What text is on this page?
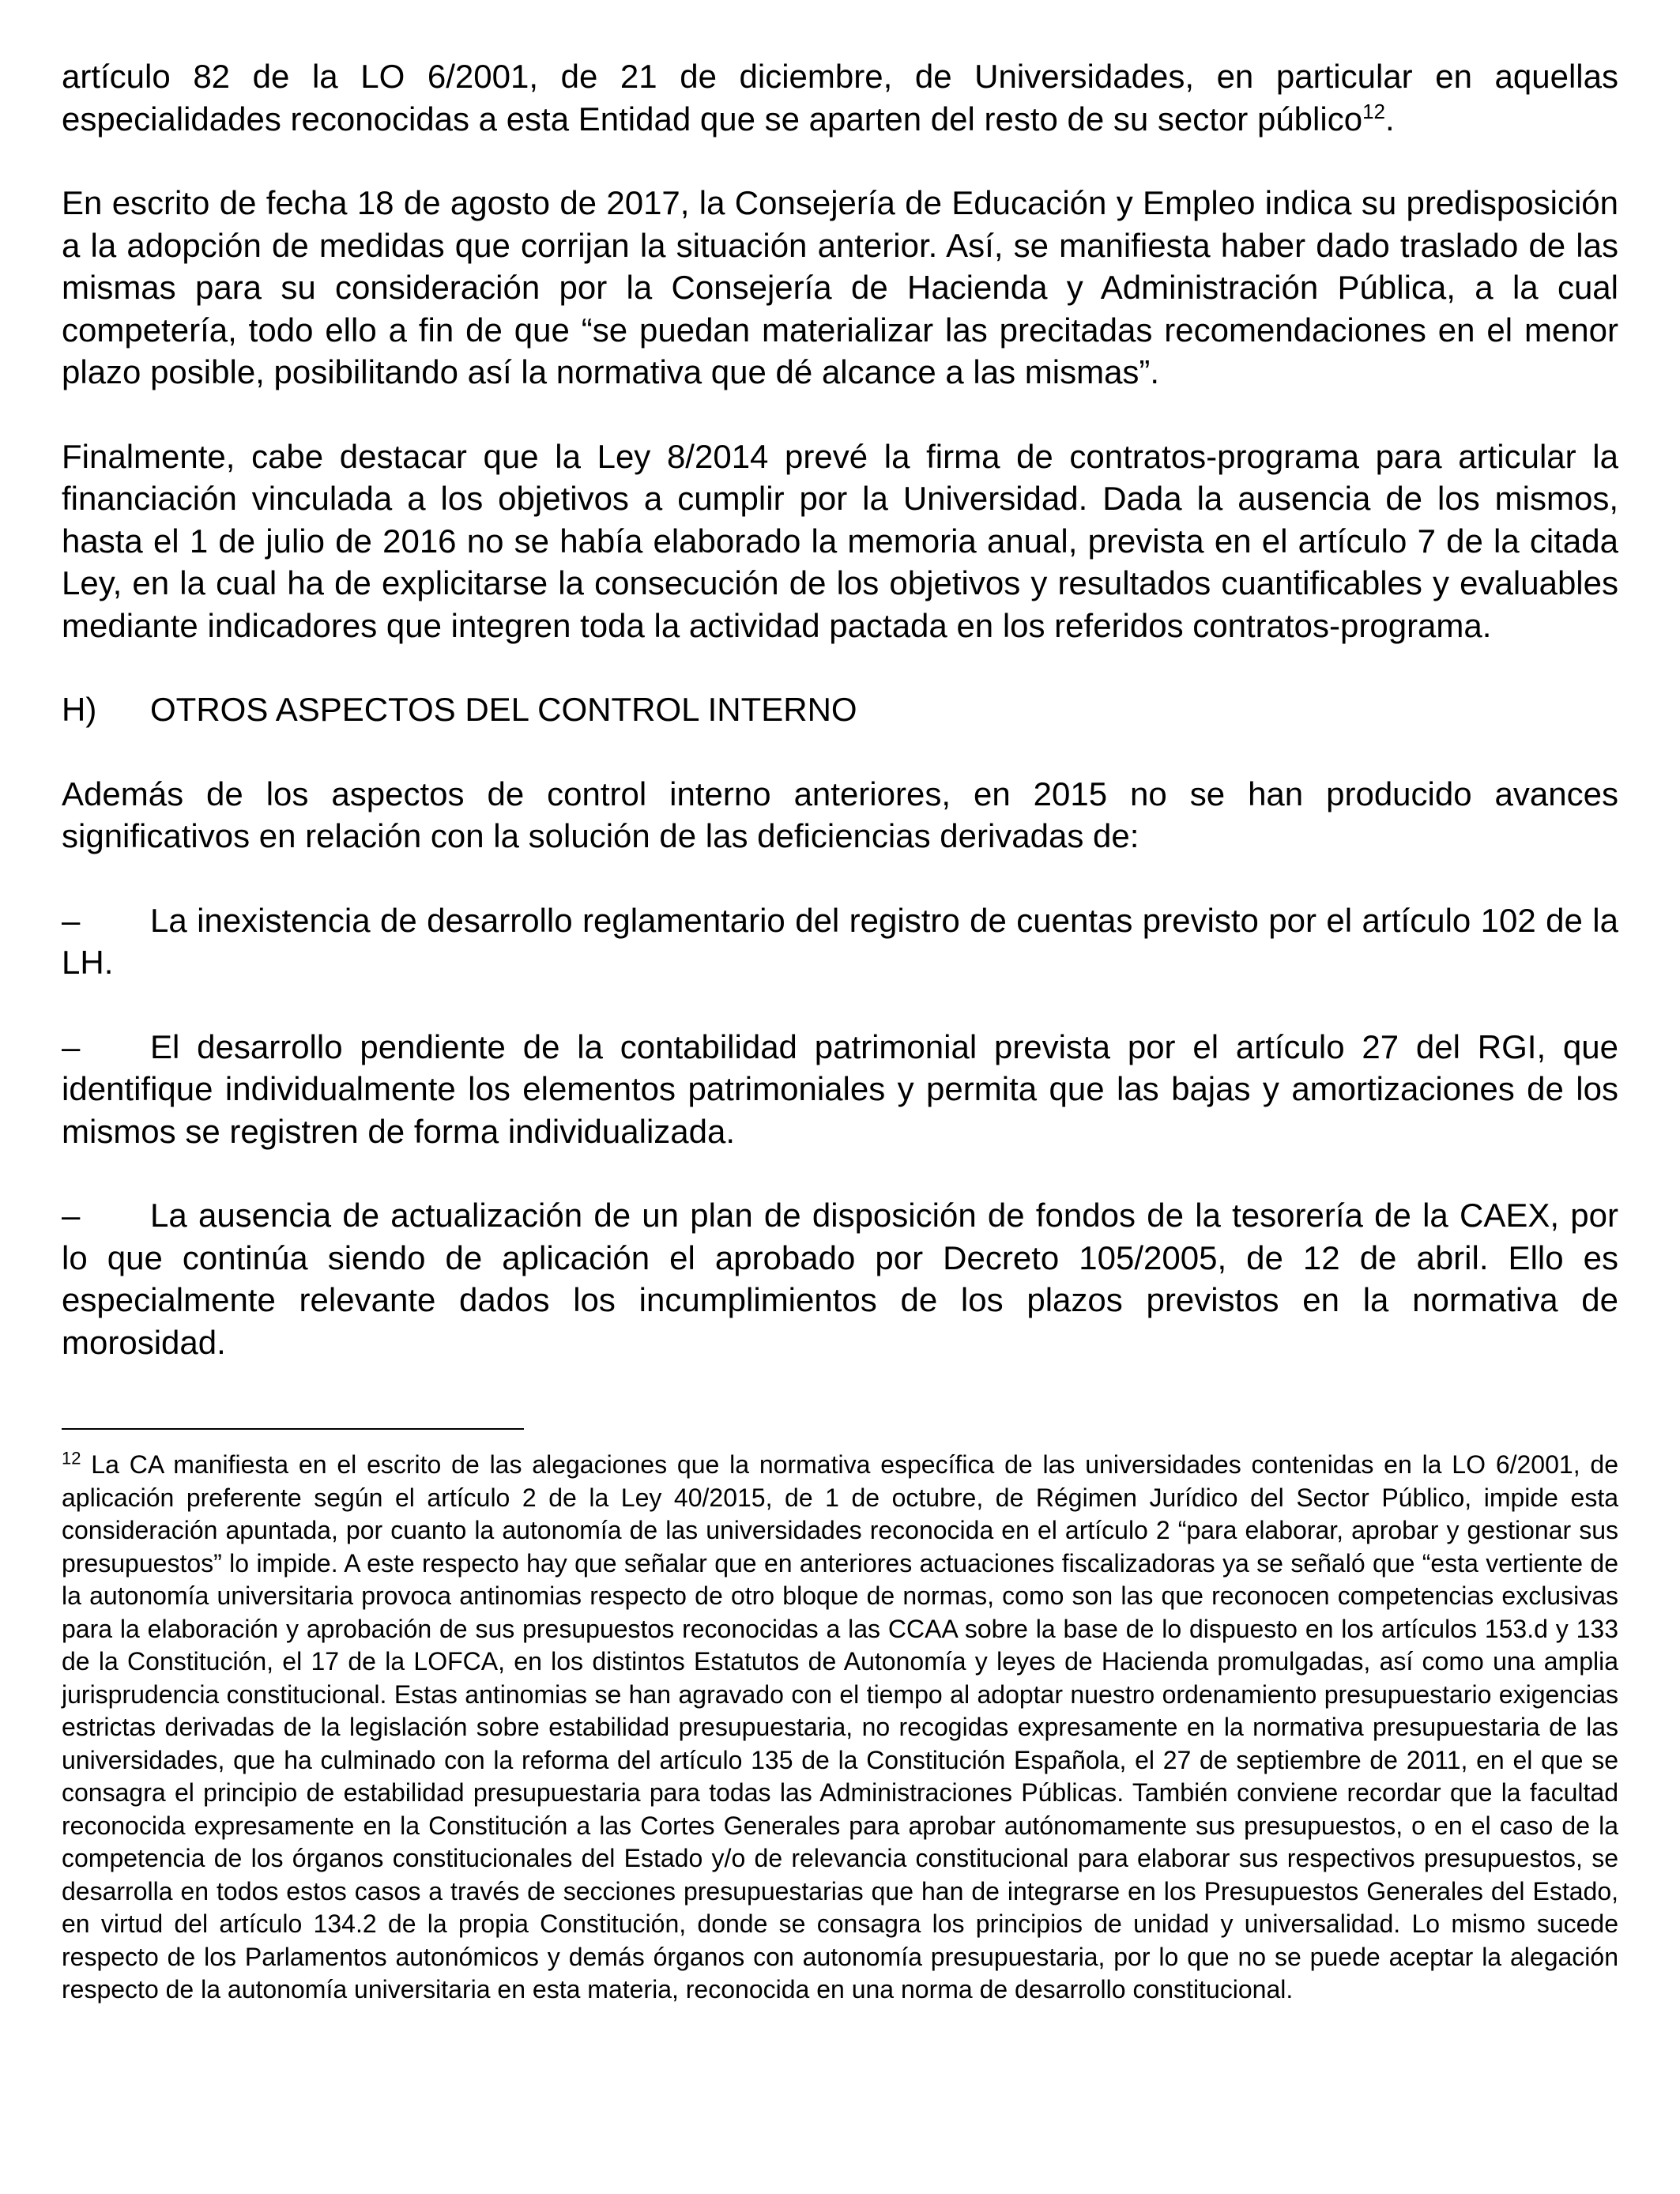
artículo 82 de la LO 6/2001, de 21 de diciembre, de Universidades, en particular en aquellas especialidades reconocidas a esta Entidad que se aparten del resto de su sector público$^{12}$.

En escrito de fecha 18 de agosto de 2017, la Consejería de Educación y Empleo indica su predisposición a la adopción de medidas que corrijan la situación anterior. Así, se manifiesta haber dado traslado de las mismas para su consideración por la Consejería de Hacienda y Administración Pública, a la cual competería, todo ello a fin de que “se puedan materializar las precitadas recomendaciones en el menor plazo posible, posibilitando así la normativa que dé alcance a las mismas”.

Finalmente, cabe destacar que la Ley 8/2014 prevé la firma de contratos-programa para articular la financiación vinculada a los objetivos a cumplir por la Universidad. Dada la ausencia de los mismos, hasta el 1 de julio de 2016 no se había elaborado la memoria anual, prevista en el artículo 7 de la citada Ley, en la cual ha de explicitarse la consecución de los objetivos y resultados cuantificables y evaluables mediante indicadores que integren toda la actividad pactada en los referidos contratos-programa.

H)	OTROS ASPECTOS DEL CONTROL INTERNO

Además de los aspectos de control interno anteriores, en 2015 no se han producido avances significativos en relación con la solución de las deficiencias derivadas de:

– La inexistencia de desarrollo reglamentario del registro de cuentas previsto por el artículo 102 de la LH.

– El desarrollo pendiente de la contabilidad patrimonial prevista por el artículo 27 del RGI, que identifique individualmente los elementos patrimoniales y permita que las bajas y amortizaciones de los mismos se registren de forma individualizada.

– La ausencia de actualización de un plan de disposición de fondos de la tesorería de la CAEX, por lo que continúa siendo de aplicación el aprobado por Decreto 105/2005, de 12 de abril. Ello es especialmente relevante dados los incumplimientos de los plazos previstos en la normativa de morosidad.

$^{12}$ La CA manifiesta en el escrito de las alegaciones que la normativa específica de las universidades contenidas en la LO 6/2001, de aplicación preferente según el artículo 2 de la Ley 40/2015, de 1 de octubre, de Régimen Jurídico del Sector Público, impide esta consideración apuntada, por cuanto la autonomía de las universidades reconocida en el artículo 2 “para elaborar, aprobar y gestionar sus presupuestos” lo impide. A este respecto hay que señalar que en anteriores actuaciones fiscalizadoras ya se señaló que “esta vertiente de la autonomía universitaria provoca antinomias respecto de otro bloque de normas, como son las que reconocen competencias exclusivas para la elaboración y aprobación de sus presupuestos reconocidas a las CCAA sobre la base de lo dispuesto en los artículos 153.d y 133 de la Constitución, el 17 de la LOFCA, en los distintos Estatutos de Autonomía y leyes de Hacienda promulgadas, así como una amplia jurisprudencia constitucional. Estas antinomias se han agravado con el tiempo al adoptar nuestro ordenamiento presupuestario exigencias estrictas derivadas de la legislación sobre estabilidad presupuestaria, no recogidas expresamente en la normativa presupuestaria de las universidades, que ha culminado con la reforma del artículo 135 de la Constitución Española, el 27 de septiembre de 2011, en el que se consagra el principio de estabilidad presupuestaria para todas las Administraciones Públicas. También conviene recordar que la facultad reconocida expresamente en la Constitución a las Cortes Generales para aprobar autónomamente sus presupuestos, o en el caso de la competencia de los órganos constitucionales del Estado y/o de relevancia constitucional para elaborar sus respectivos presupuestos, se desarrolla en todos estos casos a través de secciones presupuestarias que han de integrarse en los Presupuestos Generales del Estado, en virtud del artículo 134.2 de la propia Constitución, donde se consagra los principios de unidad y universalidad. Lo mismo sucede respecto de los Parlamentos autonómicos y demás órganos con autonomía presupuestaria, por lo que no se puede aceptar la alegación respecto de la autonomía universitaria en esta materia, reconocida en una norma de desarrollo constitucional.
